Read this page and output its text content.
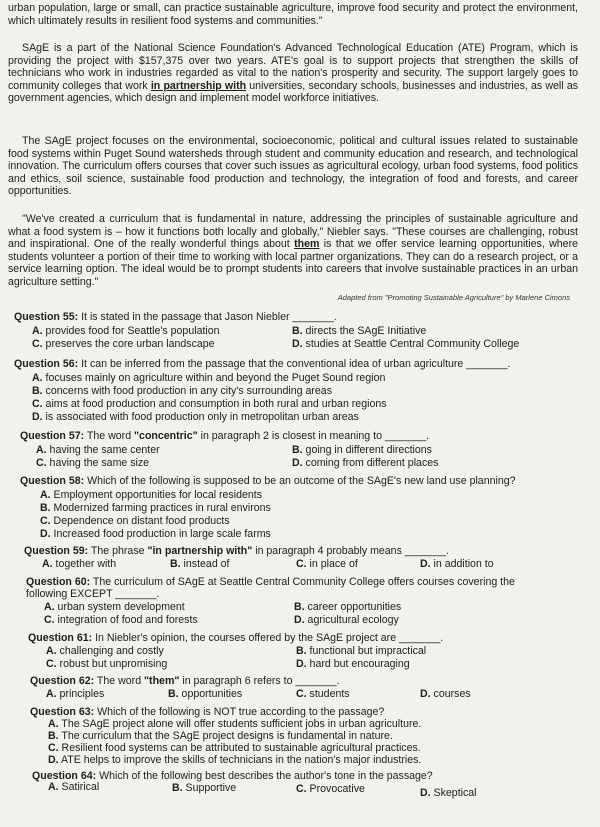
urban population, large or small, can practice sustainable agriculture, improve food security and protect the environment, which ultimately results in resilient food systems and communities."

SAgE is a part of the National Science Foundation's Advanced Technological Education (ATE) Program, which is providing the project with $157,375 over two years. ATE's goal is to support projects that strengthen the skills of technicians who work in industries regarded as vital to the nation's prosperity and security. The support largely goes to community colleges that work in partnership with universities, secondary schools, businesses and industries, as well as government agencies, which design and implement model workforce initiatives.

The SAgE project focuses on the environmental, socioeconomic, political and cultural issues related to sustainable food systems within Puget Sound watersheds through student and community education and research, and technological innovation. The curriculum offers courses that cover such issues as agricultural ecology, urban food systems, food politics and ethics, soil science, sustainable food production and technology, the integration of food and forests, and career opportunities.

"We've created a curriculum that is fundamental in nature, addressing the principles of sustainable agriculture and what a food system is – how it functions both locally and globally," Niebler says. "These courses are challenging, robust and inspirational. One of the really wonderful things about them is that we offer service learning opportunities, where students volunteer a portion of their time to working with local partner organizations. They can do a research project, or a service learning option. The ideal would be to prompt students into careers that involve sustainable practices in an urban agriculture setting."

Adapted from "Promoting Sustainable Agriculture" by Marlene Cimons
Question 55: It is stated in the passage that Jason Niebler _______.
A. provides food for Seattle's population	B. directs the SAgE Initiative
C. preserves the core urban landscape	D. studies at Seattle Central Community College
Question 56: It can be inferred from the passage that the conventional idea of urban agriculture _______.
A. focuses mainly on agriculture within and beyond the Puget Sound region
B. concerns with food production in any city's surrounding areas
C. aims at food production and consumption in both rural and urban regions
D. is associated with food production only in metropolitan urban areas
Question 57: The word "concentric" in paragraph 2 is closest in meaning to _______.
A. having the same center	B. going in different directions
C. having the same size	D. coming from different places
Question 58: Which of the following is supposed to be an outcome of the SAgE's new land use planning?
A. Employment opportunities for local residents
B. Modernized farming practices in rural environs
C. Dependence on distant food products
D. Increased food production in large scale farms
Question 59: The phrase "in partnership with" in paragraph 4 probably means _______.
A. together with	B. instead of	C. in place of	D. in addition to
Question 60: The curriculum of SAgE at Seattle Central Community College offers courses covering the
following EXCEPT _______.
A. urban system development	B. career opportunities
C. integration of food and forests	D. agricultural ecology
Question 61: In Niebler's opinion, the courses offered by the SAgE project are _______.
A. challenging and costly	B. functional but impractical
C. robust but unpromising	D. hard but encouraging
Question 62: The word "them" in paragraph 6 refers to _______.
A. principles	B. opportunities	C. students	D. courses
Question 63: Which of the following is NOT true according to the passage?
A. The SAgE project alone will offer students sufficient jobs in urban agriculture.
B. The curriculum that the SAgE project designs is fundamental in nature.
C. Resilient food systems can be attributed to sustainable agricultural practices.
D. ATE helps to improve the skills of technicians in the nation's major industries.
Question 64: Which of the following best describes the author's tone in the passage?
A. Satirical	B. Supportive	C. Provocative	D. Skeptical
